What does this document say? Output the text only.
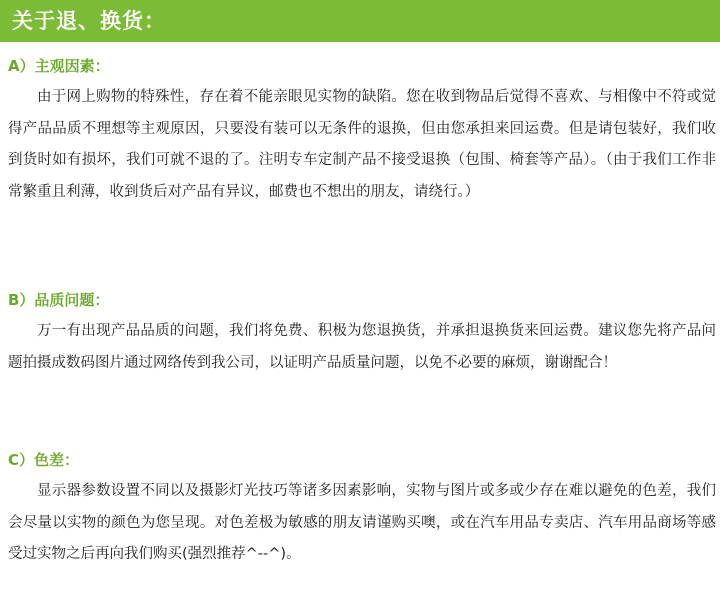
关于退、换货：
A）主观因素：
由于网上购物的特殊性，存在着不能亲眼见实物的缺陷。您在收到物品后觉得不喜欢、与相像中不符或觉得产品品质不理想等主观原因，只要没有装可以无条件的退换，但由您承担来回运费。但是请包装好，我们收到货时如有损坏，我们可就不退的了。注明专车定制产品不接受退换（包围、椅套等产品）。（由于我们工作非常繁重且利薄，收到货后对产品有异议，邮费也不想出的朋友，请绕行。）
B）品质问题：
万一有出现产品品质的问题，我们将免费、积极为您退换货，并承担退换货来回运费。建议您先将产品问题拍摄成数码图片通过网络传到我公司，以证明产品质量问题，以免不必要的麻烦，谢谢配合！
C）色差：
显示器参数设置不同以及摄影灯光技巧等诸多因素影响，实物与图片或多或少存在难以避免的色差，我们会尽量以实物的颜色为您呈现。对色差极为敏感的朋友请谨购买噢，或在汽车用品专卖店、汽车用品商场等感受过实物之后再向我们购买(强烈推荐^--^)。
